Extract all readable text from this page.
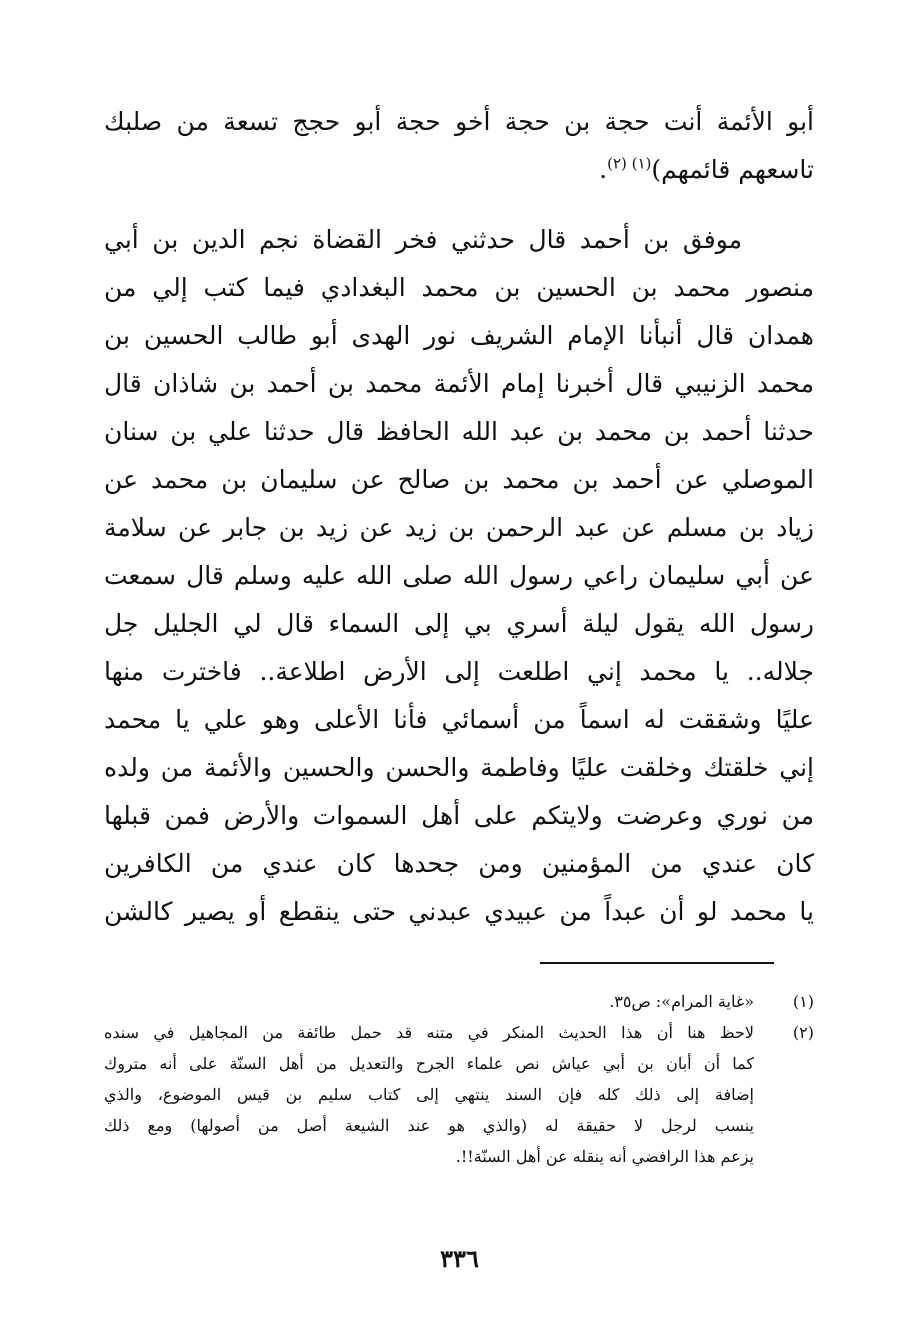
أبو الأئمة أنت حجة بن حجة أخو حجة أبو حجج تسعة من صلبك
تاسعهم قائمهم)$^{(١) (٢)}$.
موفق بن أحمد قال حدثني فخر القضاة نجم الدين بن أبي
منصور محمد بن الحسين بن محمد البغدادي فيما كتب إلي من
همدان قال أنبأنا الإمام الشريف نور الهدى أبو طالب الحسين بن
محمد الزنيبي قال أخبرنا إمام الأئمة محمد بن أحمد بن شاذان قال
حدثنا أحمد بن محمد بن عبد الله الحافظ قال حدثنا علي بن سنان
الموصلي عن أحمد بن محمد بن صالح عن سليمان بن محمد عن
زياد بن مسلم عن عبد الرحمن بن زيد عن زيد بن جابر عن سلامة
عن أبي سليمان راعي رسول الله صلى الله عليه وسلم قال سمعت
رسول الله يقول ليلة أسري بي إلى السماء قال لي الجليل جل
جلاله.. يا محمد إني اطلعت إلى الأرض اطلاعة.. فاخترت منها
عليًا وشققت له اسماً من أسمائي فأنا الأعلى وهو علي يا محمد
إني خلقتك وخلقت عليًا وفاطمة والحسن والحسين والأئمة من ولده
من نوري وعرضت ولايتكم على أهل السموات والأرض فمن قبلها
كان عندي من المؤمنين ومن جحدها كان عندي من الكافرين
يا محمد لو أن عبداً من عبيدي عبدني حتى ينقطع أو يصير كالشن
(١)
«غاية المرام»: ص٣٥.
(٢)
لاحظ هنا أن هذا الحديث المنكر في متنه قد حمل طائفة من المجاهيل في سنده
كما أن أبان بن أبي عياش نص علماء الجرح والتعديل من أهل السنّة على أنه متروك
إضافة إلى ذلك كله فإن السند ينتهي إلى كتاب سليم بن قيس الموضوع، والذي
ينسب لرجل لا حقيقة له (والذي هو عند الشيعة أصل من أصولها) ومع ذلك
يزعم هذا الرافضي أنه ينقله عن أهل السنّة!!.
٣٣٦
